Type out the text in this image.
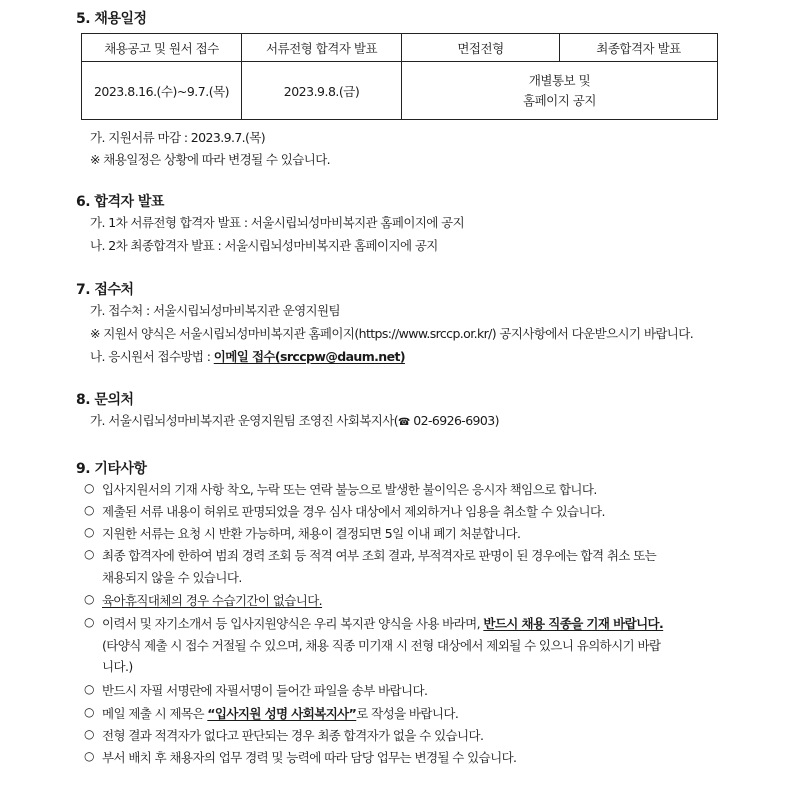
5. 채용일정
채용공고 및 원서 접수	서류전형 합격자 발표	면접전형	최종합격자 발표
2023.8.16.(수)~9.7.(목)	2023.9.8.(금)	개별통보 및
홈페이지 공지	
가. 지원서류 마감 : 2023.9.7.(목)
※ 채용일정은 상황에 따라 변경될 수 있습니다.
6. 합격자 발표
가. 1차 서류전형 합격자 발표 : 서울시립뇌성마비복지관 홈페이지에 공지
나. 2차 최종합격자 발표 : 서울시립뇌성마비복지관 홈페이지에 공지
7. 접수처
가. 접수처 : 서울시립뇌성마비복지관 운영지원팀
※ 지원서 양식은 서울시립뇌성마비복지관 홈페이지(https://www.srccp.or.kr/) 공지사항에서 다운받으시기 바랍니다.
나. 응시원서 접수방법 : 이메일 접수(srccpw@daum.net)
8. 문의처
가. 서울시립뇌성마비복지관 운영지원팀 조영진 사회복지사(☎ 02-6926-6903)
9. 기타사항
○ 입사지원서의 기재 사항 착오, 누락 또는 연락 불능으로 발생한 불이익은 응시자 책임으로 합니다.
○ 제출된 서류 내용이 허위로 판명되었을 경우 심사 대상에서 제외하거나 임용을 취소할 수 있습니다.
○ 지원한 서류는 요청 시 반환 가능하며, 채용이 결정되면 5일 이내 폐기 처분합니다.
○ 최종 합격자에 한하여 범죄 경력 조회 등 적격 여부 조회 결과, 부적격자로 판명이 된 경우에는 합격 취소 또는
채용되지 않을 수 있습니다.
○ 육아휴직대체의 경우 수습기간이 없습니다.
○ 이력서 및 자기소개서 등 입사지원양식은 우리 복지관 양식을 사용 바라며, 반드시 채용 직종을 기재 바랍니다.
(타양식 제출 시 접수 거절될 수 있으며, 채용 직종 미기재 시 전형 대상에서 제외될 수 있으니 유의하시기 바랍
니다.)
○ 반드시 자필 서명란에 자필서명이 들어간 파일을 송부 바랍니다.
○ 메일 제출 시 제목은 “입사지원 성명 사회복지사”로 작성을 바랍니다.
○ 전형 결과 적격자가 없다고 판단되는 경우 최종 합격자가 없을 수 있습니다.
○ 부서 배치 후 채용자의 업무 경력 및 능력에 따라 담당 업무는 변경될 수 있습니다.
